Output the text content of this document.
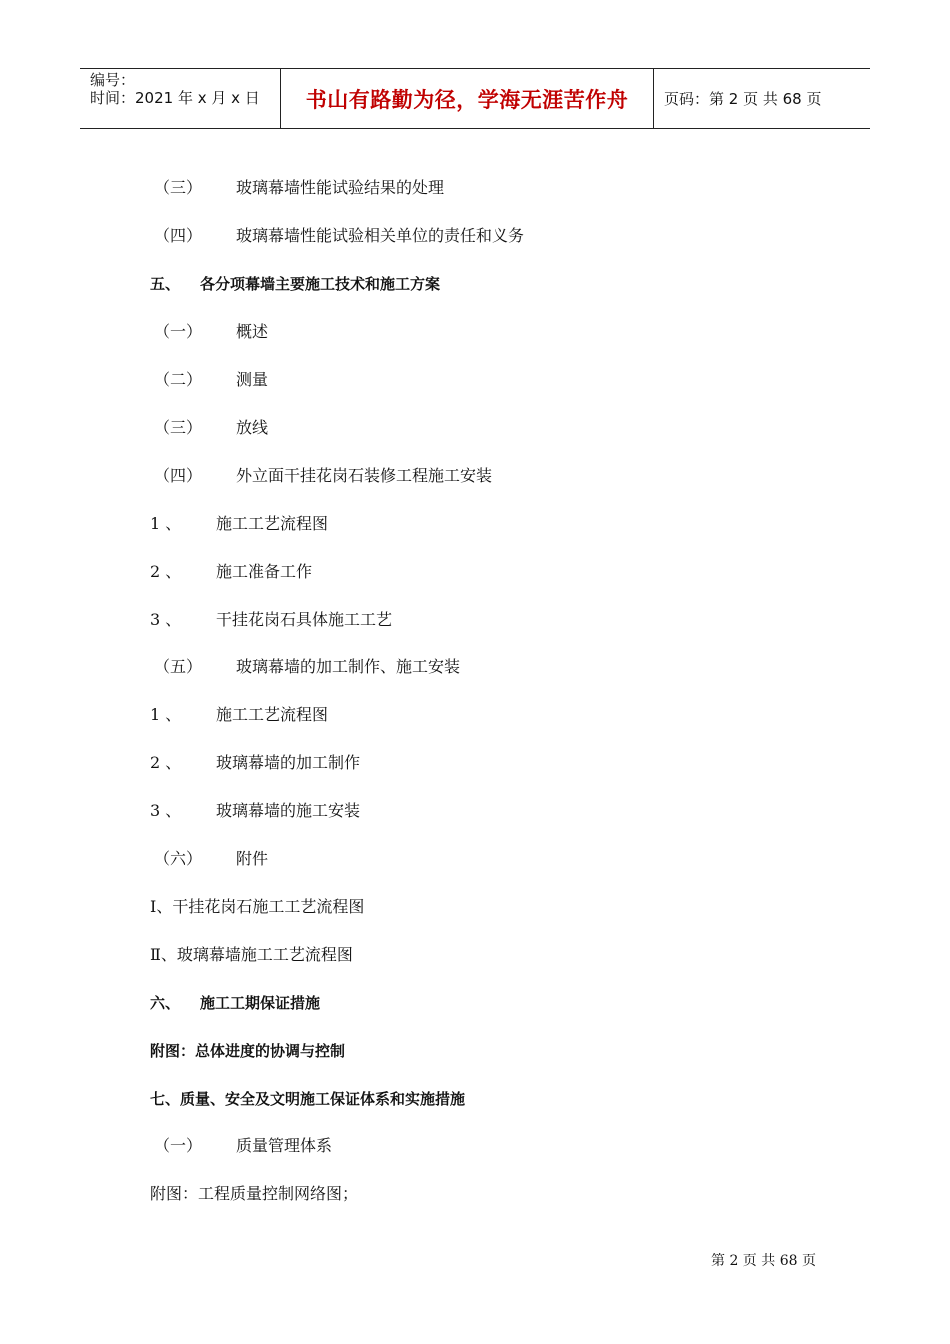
编号：
时间：2021 年 x 月 x 日	书山有路勤为径，学海无涯苦作舟	页码：第 2 页 共 68 页
（三） 玻璃幕墙性能试验结果的处理
（四） 玻璃幕墙性能试验相关单位的责任和义务
五、 各分项幕墙主要施工技术和施工方案
（一） 概述
（二） 测量
（三） 放线
（四） 外立面干挂花岗石装修工程施工安装
1 、 施工工艺流程图
2 、 施工准备工作
3 、 干挂花岗石具体施工工艺
（五） 玻璃幕墙的加工制作、施工安装
1 、 施工工艺流程图
2 、 玻璃幕墙的加工制作
3 、 玻璃幕墙的施工安装
（六） 附件
Ⅰ、干挂花岗石施工工艺流程图
Ⅱ、玻璃幕墙施工工艺流程图
六、 施工工期保证措施
附图：总体进度的协调与控制
七、质量、安全及文明施工保证体系和实施措施
（一） 质量管理体系
附图：工程质量控制网络图；
第 2 页 共 68 页
